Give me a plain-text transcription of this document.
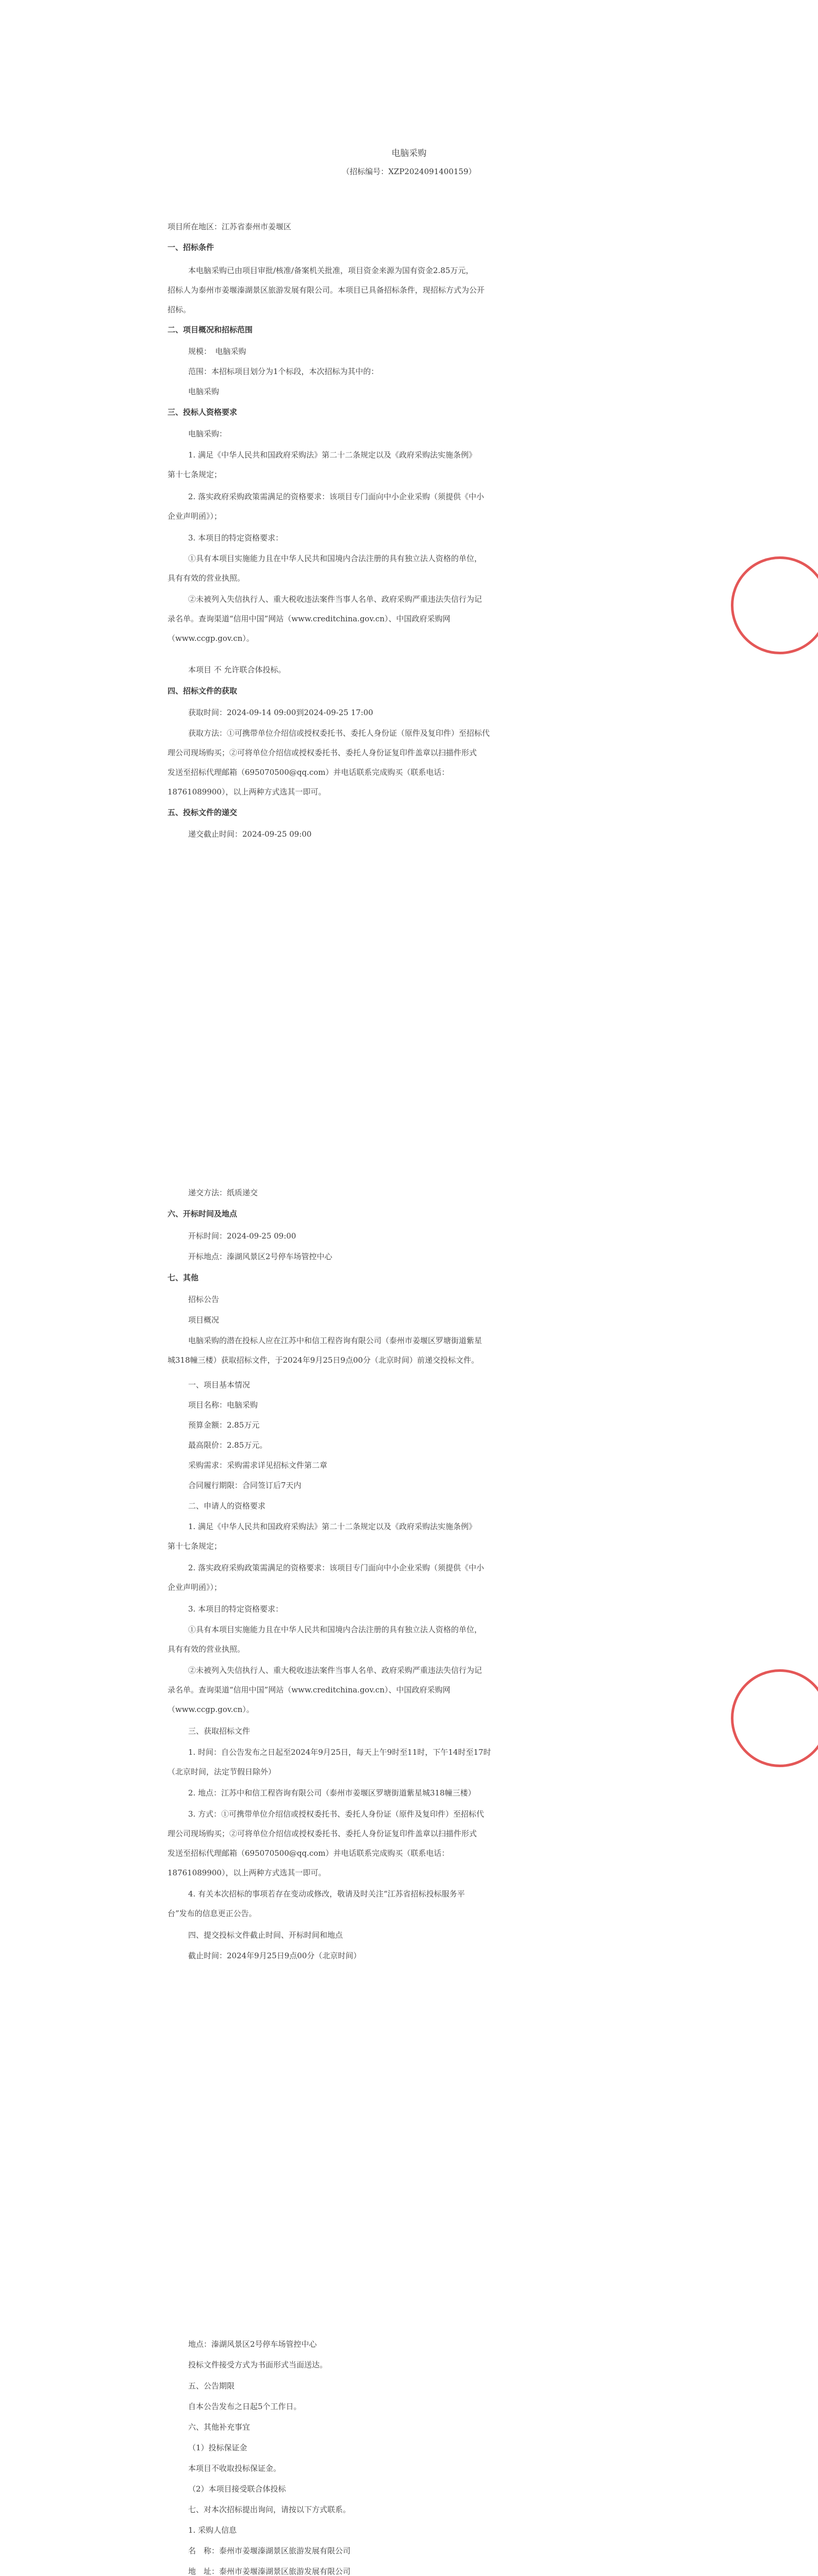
电脑采购
（招标编号：XZP2024091400159）
项目所在地区：江苏省泰州市姜堰区
一、招标条件
本电脑采购已由项目审批/核准/备案机关批准，项目资金来源为国有资金2.85万元，
招标人为泰州市姜堰溱湖景区旅游发展有限公司。本项目已具备招标条件，现招标方式为公开
招标。
二、项目概况和招标范围
规模：　电脑采购
范围：本招标项目划分为1个标段，本次招标为其中的：
电脑采购
三、投标人资格要求
电脑采购：
1. 满足《中华人民共和国政府采购法》第二十二条规定以及《政府采购法实施条例》
第十七条规定；
2. 落实政府采购政策需满足的资格要求：该项目专门面向中小企业采购（须提供《中小
企业声明函》）；
3. 本项目的特定资格要求：
①具有本项目实施能力且在中华人民共和国境内合法注册的具有独立法人资格的单位，
具有有效的营业执照。
②未被列入失信执行人、重大税收违法案件当事人名单、政府采购严重违法失信行为记
录名单。查询渠道“信用中国”网站（www.creditchina.gov.cn）、中国政府采购网
（www.ccgp.gov.cn）。
本项目 不 允许联合体投标。
四、招标文件的获取
获取时间：2024-09-14 09:00到2024-09-25 17:00
获取方法：①可携带单位介绍信或授权委托书、委托人身份证（原件及复印件）至招标代
理公司现场购买；②可将单位介绍信或授权委托书、委托人身份证复印件盖章以扫描件形式
发送至招标代理邮箱（695070500@qq.com）并电话联系完成购买（联系电话：
18761089900），以上两种方式选其一即可。
五、投标文件的递交
递交截止时间：2024-09-25 09:00
递交方法：纸质递交
六、开标时间及地点
开标时间：2024-09-25 09:00
开标地点：溱湖风景区2号停车场管控中心
七、其他
招标公告
项目概况
电脑采购的潜在投标人应在江苏中和信工程咨询有限公司（泰州市姜堰区罗塘街道紫星
城318幢三楼）获取招标文件，于2024年9月25日9点00分（北京时间）前递交投标文件。
一、项目基本情况
项目名称：电脑采购
预算金额：2.85万元
最高限价：2.85万元。
采购需求：采购需求详见招标文件第二章
合同履行期限：合同签订后7天内
二、申请人的资格要求
1. 满足《中华人民共和国政府采购法》第二十二条规定以及《政府采购法实施条例》
第十七条规定；
2. 落实政府采购政策需满足的资格要求：该项目专门面向中小企业采购（须提供《中小
企业声明函》）；
3. 本项目的特定资格要求：
①具有本项目实施能力且在中华人民共和国境内合法注册的具有独立法人资格的单位，
具有有效的营业执照。
②未被列入失信执行人、重大税收违法案件当事人名单、政府采购严重违法失信行为记
录名单。查询渠道“信用中国”网站（www.creditchina.gov.cn）、中国政府采购网
（www.ccgp.gov.cn）。
三、获取招标文件
1. 时间：自公告发布之日起至2024年9月25日，每天上午9时至11时，下午14时至17时
（北京时间，法定节假日除外）
2. 地点：江苏中和信工程咨询有限公司（泰州市姜堰区罗塘街道紫星城318幢三楼）
3. 方式：①可携带单位介绍信或授权委托书、委托人身份证（原件及复印件）至招标代
理公司现场购买；②可将单位介绍信或授权委托书、委托人身份证复印件盖章以扫描件形式
发送至招标代理邮箱（695070500@qq.com）并电话联系完成购买（联系电话：
18761089900），以上两种方式选其一即可。
4. 有关本次招标的事项若存在变动或修改，敬请及时关注“江苏省招标投标服务平
台”发布的信息更正公告。
四、提交投标文件截止时间、开标时间和地点
截止时间：2024年9月25日9点00分（北京时间）
地点：溱湖风景区2号停车场管控中心
投标文件接受方式为书面形式当面送达。
五、公告期限
自本公告发布之日起5个工作日。
六、其他补充事宜
（1）投标保证金
本项目不收取投标保证金。
（2）本项目接受联合体投标
七、对本次招标提出询问，请按以下方式联系。
1. 采购人信息
名　称：泰州市姜堰溱湖景区旅游发展有限公司
地　址：泰州市姜堰溱湖景区旅游发展有限公司
